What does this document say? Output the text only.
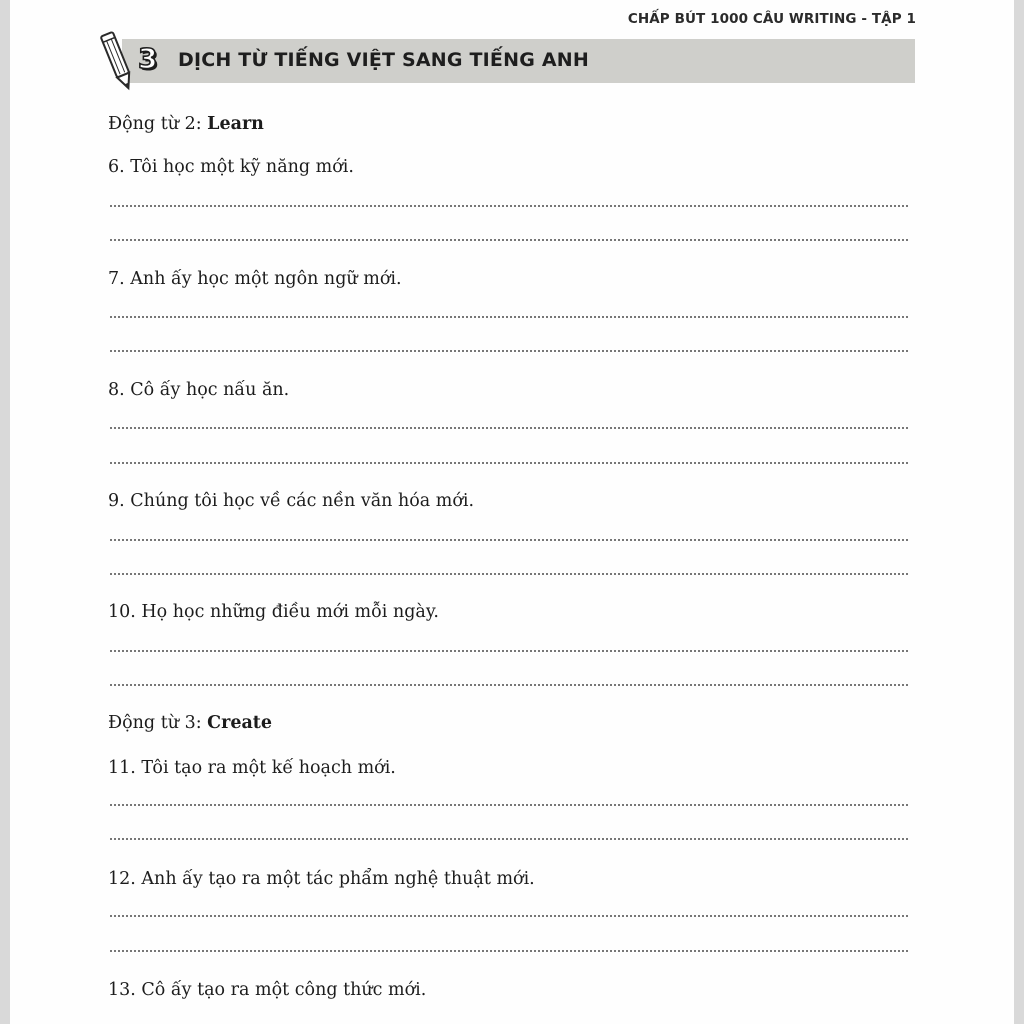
CHẤP BÚT 1000 CÂU WRITING - TẬP 1
3 DỊCH TỪ TIẾNG VIỆT SANG TIẾNG ANH
Động từ 2: Learn
6. Tôi học một kỹ năng mới.
7. Anh ấy học một ngôn ngữ mới.
8. Cô ấy học nấu ăn.
9. Chúng tôi học về các nền văn hóa mới.
10. Họ học những điều mới mỗi ngày.
Động từ 3: Create
11. Tôi tạo ra một kế hoạch mới.
12. Anh ấy tạo ra một tác phẩm nghệ thuật mới.
13. Cô ấy tạo ra một công thức mới.
